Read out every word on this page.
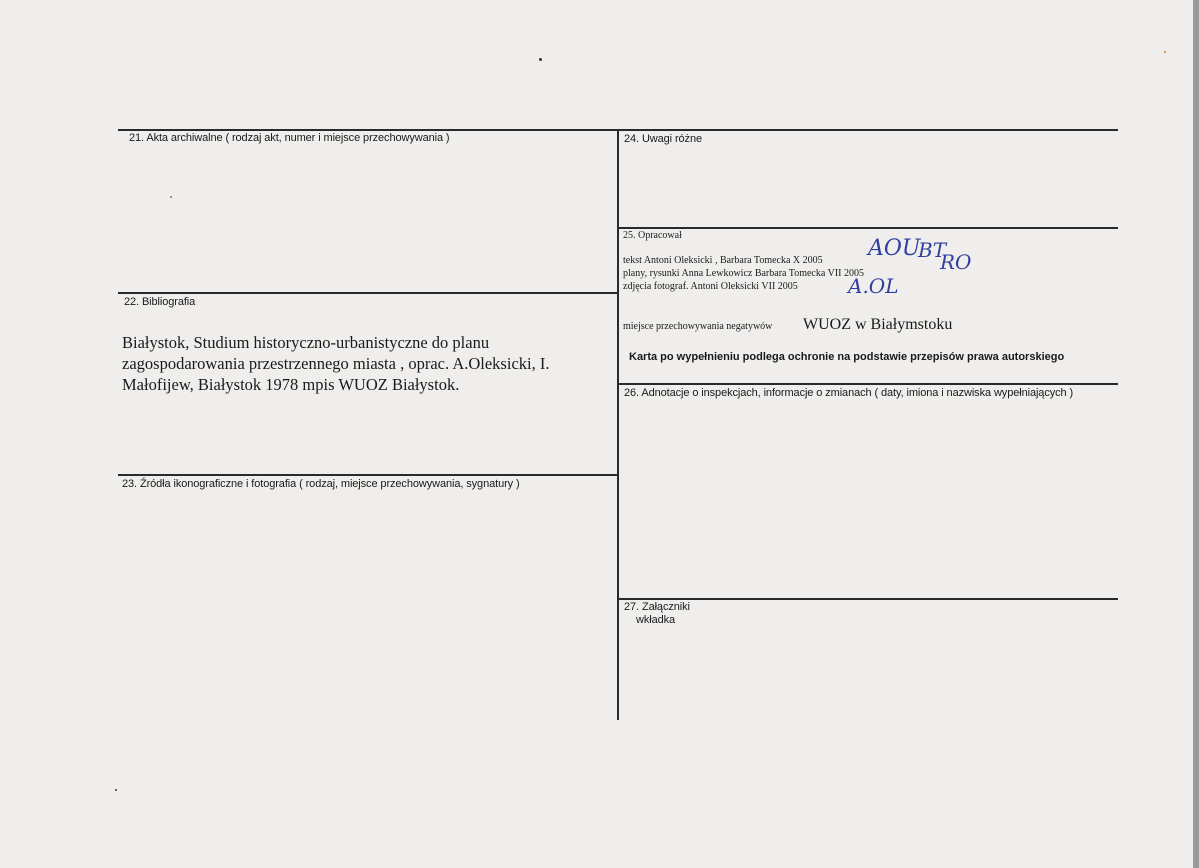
21. Akta archiwalne ( rodzaj akt, numer i miejsce przechowywania )
22. Bibliografia
23. Źródła ikonograficzne i fotografia ( rodzaj, miejsce przechowywania, sygnatury )
24. Uwagi różne
25. Opracował
26. Adnotacje o inspekcjach, informacje o zmianach ( daty, imiona i nazwiska wypełniających )
27. Załączniki
Białystok, Studium historyczno-urbanistyczne do planu
zagospodarowania przestrzennego miasta , oprac. A.Oleksicki, I.
Małofijew, Białystok 1978 mpis WUOZ Białystok.
tekst Antoni Oleksicki , Barbara Tomecka X 2005
plany, rysunki Anna Lewkowicz Barbara Tomecka VII 2005
zdjęcia fotograf. Antoni Oleksicki VII 2005
AOU
A.OL
BT
RO
miejsce przechowywania negatywów WUOZ w Białymstoku
Karta po wypełnieniu podlega ochronie na podstawie przepisów prawa autorskiego
wkładka
